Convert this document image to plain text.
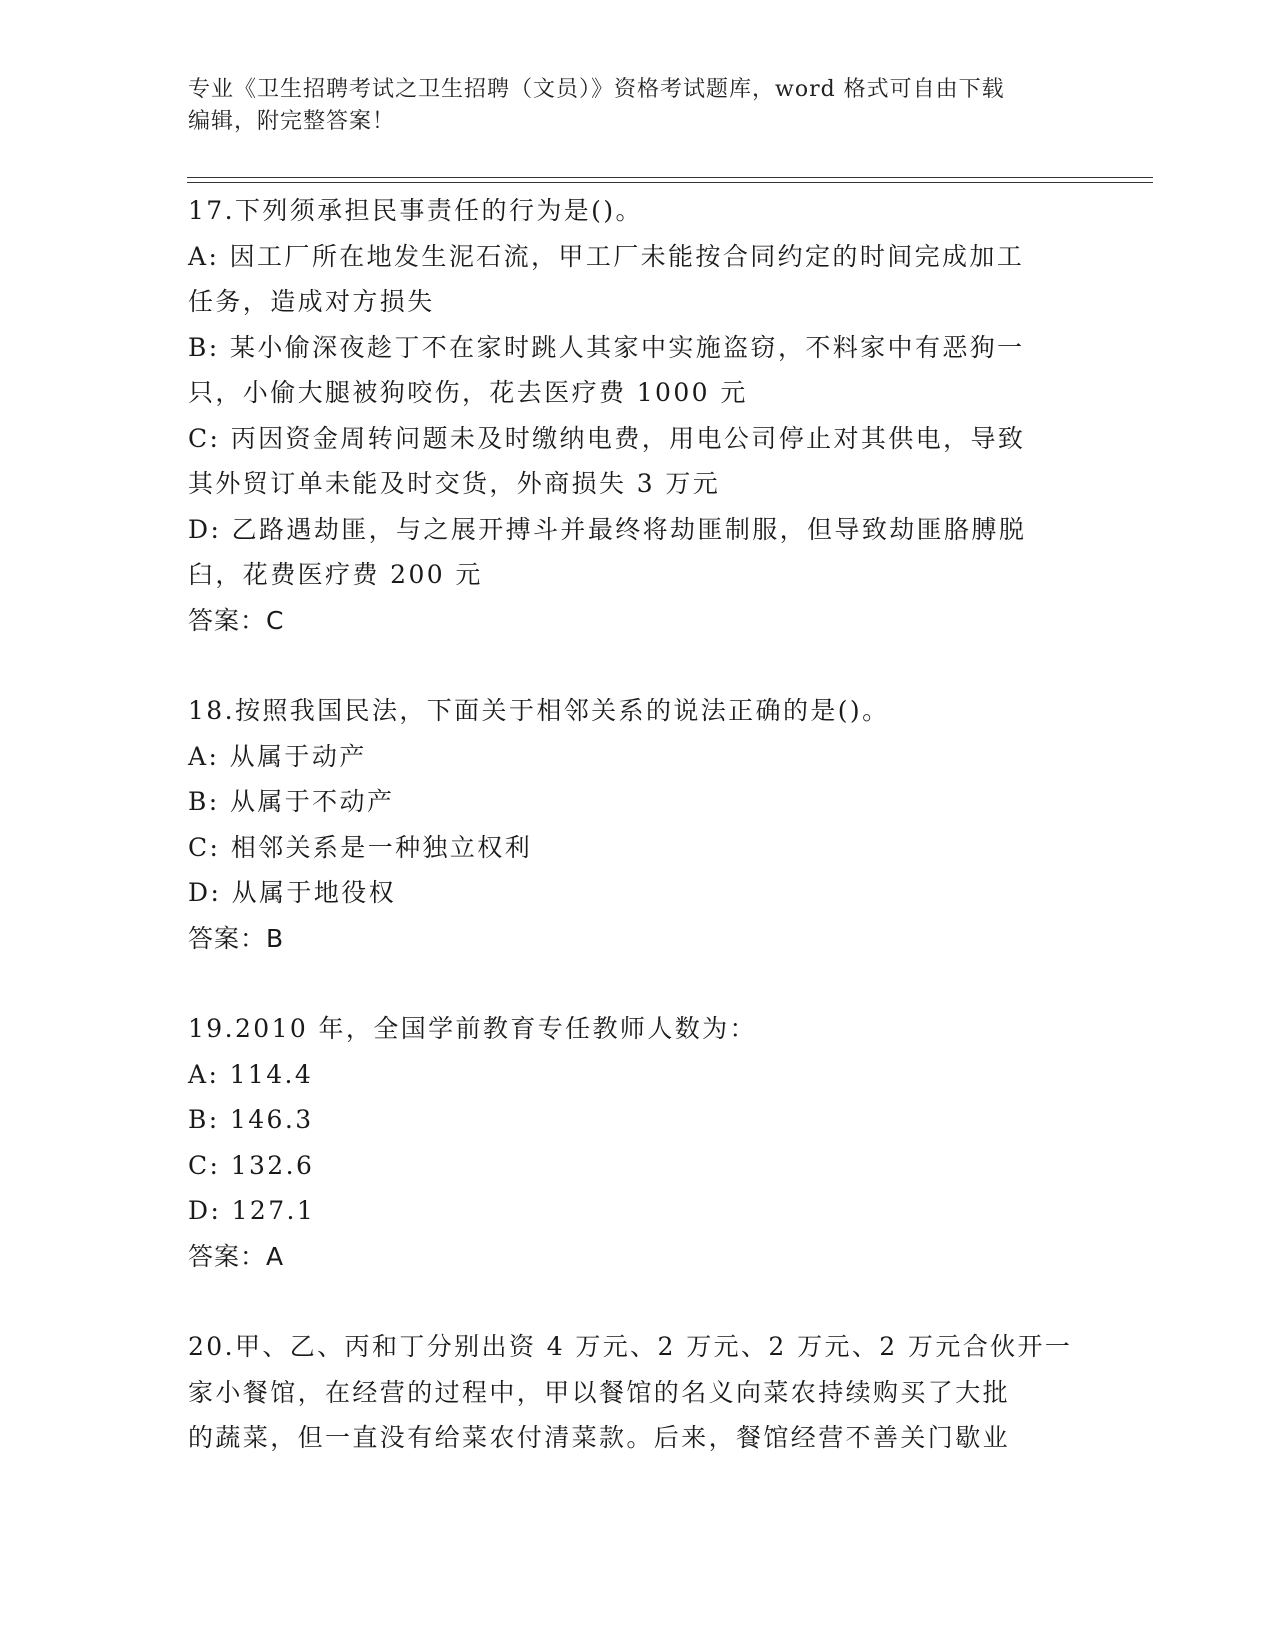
专业《卫生招聘考试之卫生招聘（文员）》资格考试题库，word 格式可自由下载
编辑，附完整答案！
17.下列须承担民事责任的行为是()。
A: 因工厂所在地发生泥石流，甲工厂未能按合同约定的时间完成加工
任务，造成对方损失
B: 某小偷深夜趁丁不在家时跳人其家中实施盗窃，不料家中有恶狗一
只，小偷大腿被狗咬伤，花去医疗费 1000 元
C: 丙因资金周转问题未及时缴纳电费，用电公司停止对其供电，导致
其外贸订单未能及时交货，外商损失 3 万元
D: 乙路遇劫匪，与之展开搏斗并最终将劫匪制服，但导致劫匪胳膊脱
臼，花费医疗费 200 元
答案：C
18.按照我国民法，下面关于相邻关系的说法正确的是()。
A: 从属于动产
B: 从属于不动产
C: 相邻关系是一种独立权利
D: 从属于地役权
答案：B
19.2010 年，全国学前教育专任教师人数为：
A: 114.4
B: 146.3
C: 132.6
D: 127.1
答案：A
20.甲、乙、丙和丁分别出资 4 万元、2 万元、2 万元、2 万元合伙开一
家小餐馆，在经营的过程中，甲以餐馆的名义向菜农持续购买了大批
的蔬菜，但一直没有给菜农付清菜款。后来，餐馆经营不善关门歇业
